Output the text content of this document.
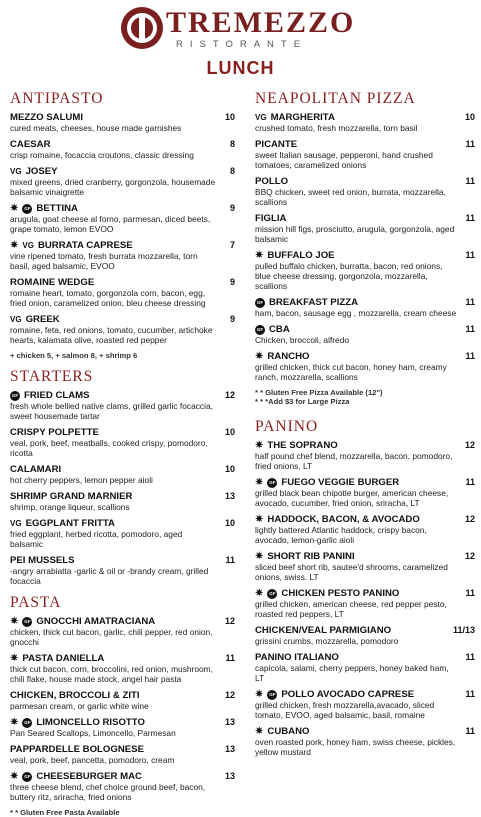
TREMEZZO
RISTORANTE
LUNCH
ANTIPASTO
MEZZO SALUMI	10
cured meats, cheeses, house made garnishes
CAESAR	8
crisp romaine, focaccia croutons, classic dressing
VG JOSEY	8
mixed greens, dried cranberry, gorgonzola, housemade balsamic vinaigrette
✷	GF BETTINA	9
arugula, goat cheese al forno, parmesan, diced beets, grape tomato, lemon EVOO
✷ VG BURRATA CAPRESE	7
vine ripened tomato, fresh burrata mozzarella, torn basil, aged balsamic, EVOO
ROMAINE WEDGE	9
romaine heart, tomato, gorgonzola corn, bacon, egg, fried onion, caramelized onion, bleu cheese dressing
VG GREEK	9
romaine, feta, red onions, tomato, cucumber, artichoke hearts, kalamata olive, roasted red pepper
+ chicken 5, + salmon 8, + shrimp 6
STARTERS
GF FRIED CLAMS	12
fresh whole bellied native clams, grilled garlic focaccia, sweet housemade tartar
CRISPY POLPETTE	10
veal, pork, beef, meatballs, cooked crispy, pomodoro, ricotta
CALAMARI	10
hot cherry peppers, lemon pepper aioli
SHRIMP GRAND MARNIER	13
shrimp, orange liqueur, scallions
VG EGGPLANT FRITTA	10
fried eggplant, herbed ricotta, pomodoro, aged balsamic
PEI MUSSELS	11
-angry arrabiatta -garlic & oil or -brandy cream, grilled focaccia
PASTA
✷	GF GNOCCHI AMATRACIANA	12
chicken, thick cut bacon, garlic, chili pepper, red onion, gnocchi
✷ PASTA DANIELLA	11
thick cut bacon, corn, broccolini, red onion, mushroom, chili flake, house made stock, angel hair pasta
CHICKEN, BROCCOLI & ZITI	12
parmesan cream, or garlic white wine
✷	GF LIMONCELLO RISOTTO	13
Pan Seared Scallops, Limoncello, Parmesan
PAPPARDELLE BOLOGNESE	13
veal, pork, beef, pancetta, pomodoro, cream
✷	GF CHEESEBURGER MAC	13
three cheese blend, chef choice ground beef, bacon, buttery ritz, sriracha, fried onions
* * Gluten Free Pasta Available
NEAPOLITAN PIZZA
VG MARGHERITA	10
crushed tomato, fresh mozzarella, torn basil
PICANTE	11
sweet Italian sausage, pepperoni, hand crushed tomatoes, caramelized onions
POLLO	11
BBQ chicken, sweet red onion, burrata, mozzarella, scallions
FIGLIA	11
mission hill figs, prosciutto, arugula, gorgonzola, aged balsamic
✷ BUFFALO JOE	11
pulled buffalo chicken, burratta, bacon, red onions, blue cheese dressing, gorgonzola, mozzarella, scallions
GF BREAKFAST PIZZA	11
ham, bacon, sausage egg , mozzarella, cream cheese
GF CBA	11
Chicken, broccoli, alfredo
✷ RANCHO	11
grilled chicken, thick cut bacon, honey ham, creamy ranch, mozzarella, scallions
* * Gluten Free Pizza Available (12")
* * *Add $3 for Large Pizza
PANINO
✷ THE SOPRANO	12
half pound chef blend, mozzarella, bacon, pomodoro, fried onions, LT
✷	GF FUEGO VEGGIE BURGER	11
grilled black bean chipotle burger, american cheese, avocado, cucumber, fried onion, sriracha, LT
✷ HADDOCK, BACON, & AVOCADO	12
lightly battered Atlantic haddock, crispy bacon, avocado, lemon-garlic aioli
✷ SHORT RIB PANINI	12
sliced beef short rib, sautee'd shrooms, caramelized onions, swiss. LT
✷	GF CHICKEN PESTO PANINO	11
grilled chicken, american cheese, red pepper pesto, roasted red peppers, LT
CHICKEN/VEAL PARMIGIANO	11/13
grissini crumbs, mozzarella, pomodoro
PANINO ITALIANO	11
capicola, salami, cherry peppers, honey baked ham, LT
✷	GF POLLO AVOCADO CAPRESE	11
grilled chicken, fresh mozzarella,avacado, sliced tomato, EVOO, aged balsamic, basil, romaine
✷ CUBANO	11
oven roasted pork, honey ham, swiss cheese, pickles, yellow mustard
